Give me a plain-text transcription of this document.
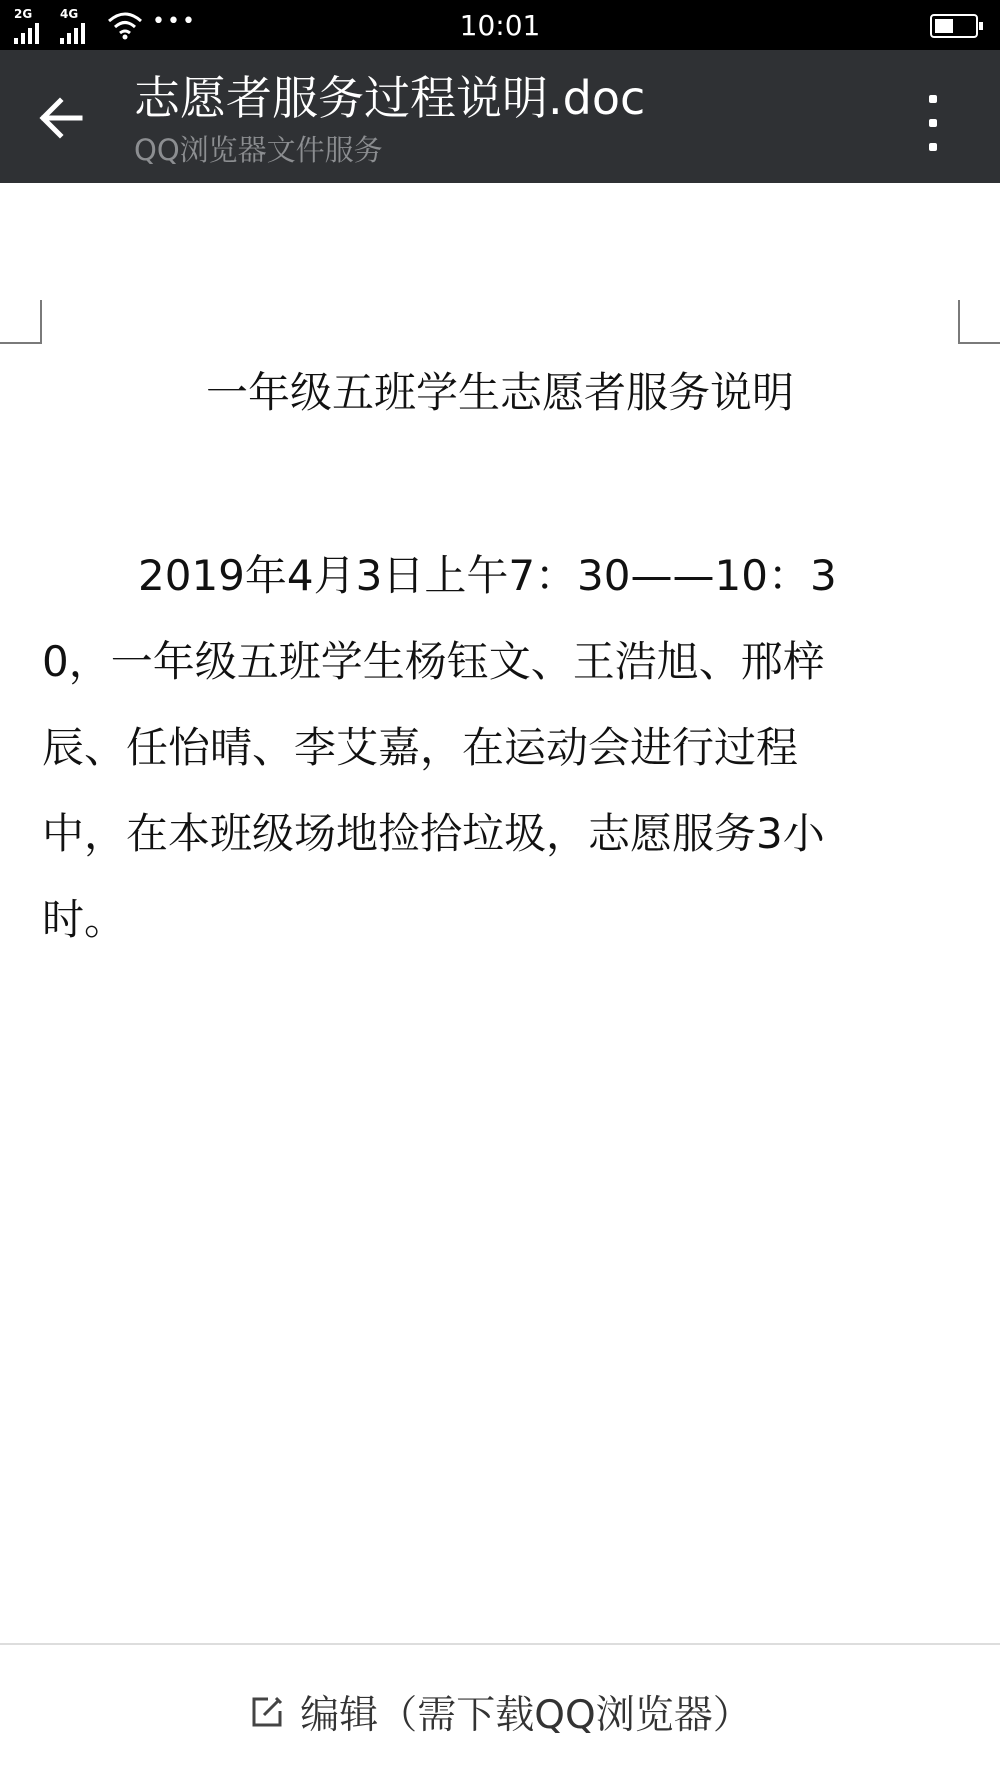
2G 4G	•••	10:01
志愿者服务过程说明.doc
QQ浏览器文件服务
一年级五班学生志愿者服务说明
2019年4月3日上午7：30——10：3
0，一年级五班学生杨钰文、王浩旭、邢梓
辰、任怡晴、李艾嘉，在运动会进行过程
中，在本班级场地捡拾垃圾，志愿服务3小
时。
编辑（需下载QQ浏览器）
